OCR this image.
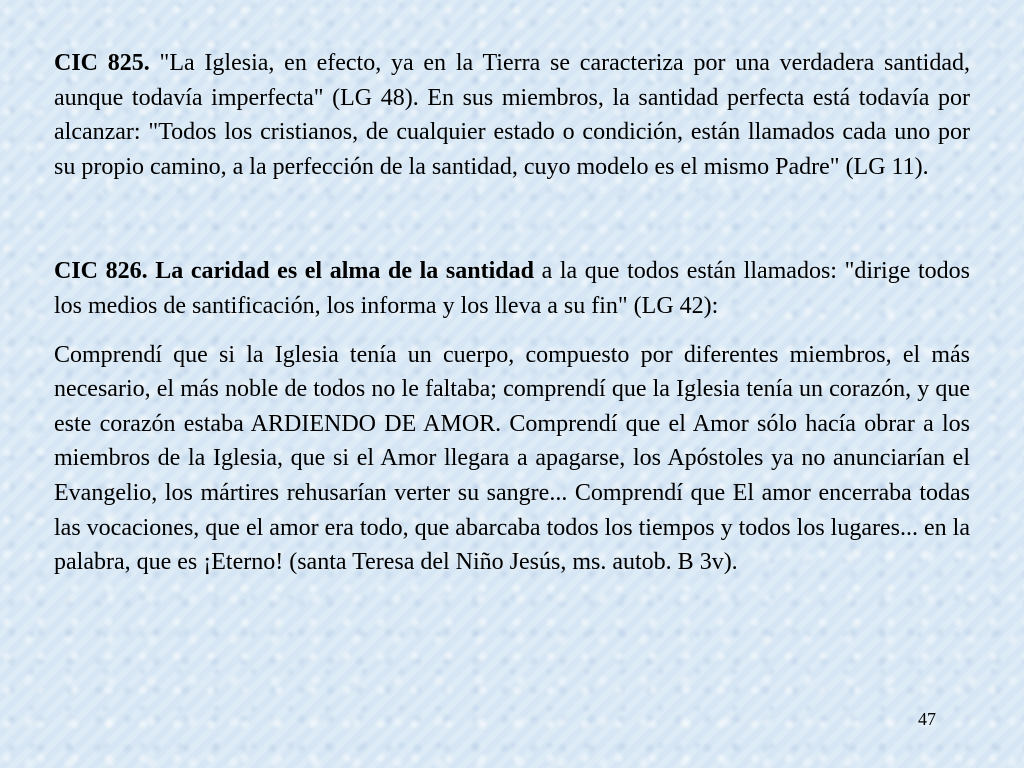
CIC 825. "La Iglesia, en efecto, ya en la Tierra se caracteriza por una verdadera santidad, aunque todavía imperfecta" (LG 48). En sus miembros, la santidad perfecta está todavía por alcanzar: "Todos los cristianos, de cualquier estado o condición, están llamados cada uno por su propio camino, a la perfección de la santidad, cuyo modelo es el mismo Padre" (LG 11).

CIC 826. La caridad es el alma de la santidad a la que todos están llamados: "dirige todos los medios de santificación, los informa y los lleva a su fin" (LG 42):

Comprendí que si la Iglesia tenía un cuerpo, compuesto por diferentes miembros, el más necesario, el más noble de todos no le faltaba; comprendí que la Iglesia tenía un corazón, y que este corazón estaba ARDIENDO DE AMOR. Comprendí que el Amor sólo hacía obrar a los miembros de la Iglesia, que si el Amor llegara a apagarse, los Apóstoles ya no anunciarían el Evangelio, los mártires rehusarían verter su sangre... Comprendí que El amor encerraba todas las vocaciones, que el amor era todo, que abarcaba todos los tiempos y todos los lugares... en la palabra, que es ¡Eterno! (santa Teresa del Niño Jesús, ms. autob. B 3v).

47
